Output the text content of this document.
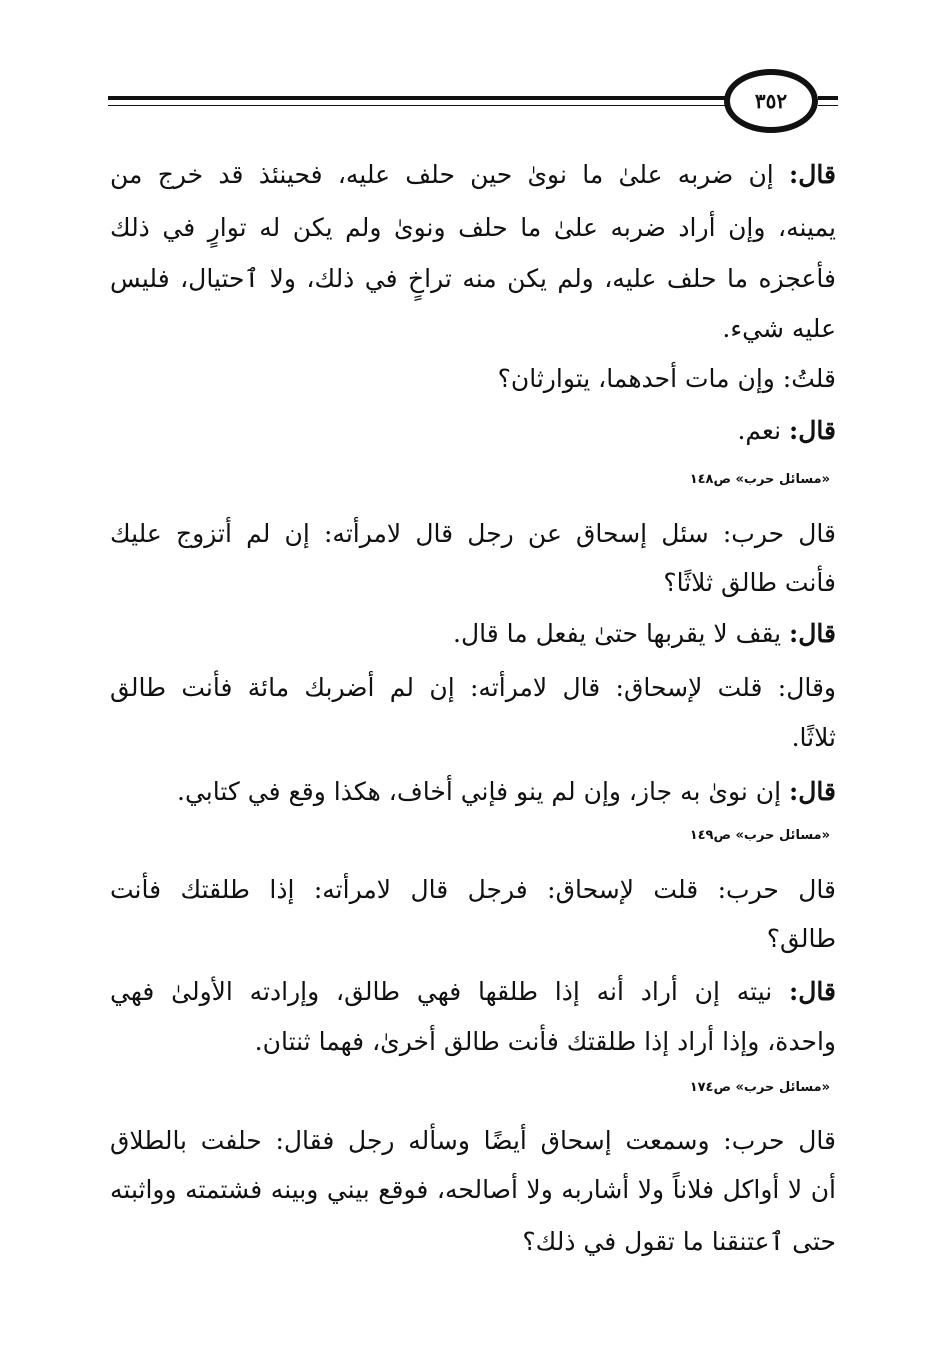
٣٥٢
قال: إن ضربه علىٰ ما نوىٰ حين حلف عليه، فحينئذ قد خرج من
يمينه، وإن أراد ضربه علىٰ ما حلف ونوىٰ ولم يكن له توارٍ في ذلك
فأعجزه ما حلف عليه، ولم يكن منه تراخٍ في ذلك، ولا ٱحتيال، فليس
عليه شيء.
قلتُ: وإن مات أحدهما، يتوارثان؟
قال: نعم.
«مسائل حرب» ص١٤٨
قال حرب: سئل إسحاق عن رجل قال لامرأته: إن لم أتزوج عليك
فأنت طالق ثلاثًا؟
قال: يقف لا يقربها حتىٰ يفعل ما قال.
وقال: قلت لإسحاق: قال لامرأته: إن لم أضربك مائة فأنت طالق
ثلاثًا.
قال: إن نوىٰ به جاز، وإن لم ينو فإني أخاف، هكذا وقع في كتابي.
«مسائل حرب» ص١٤٩
قال حرب: قلت لإسحاق: فرجل قال لامرأته: إذا طلقتك فأنت
طالق؟
قال: نيته إن أراد أنه إذا طلقها فهي طالق، وإرادته الأولىٰ فهي
واحدة، وإذا أراد إذا طلقتك فأنت طالق أخرىٰ، فهما ثنتان.
«مسائل حرب» ص١٧٤
قال حرب: وسمعت إسحاق أيضًا وسأله رجل فقال: حلفت بالطلاق
أن لا أواكل فلاناً ولا أشاربه ولا أصالحه، فوقع بيني وبينه فشتمته وواثبته
حتى ٱعتنقنا ما تقول في ذلك؟
